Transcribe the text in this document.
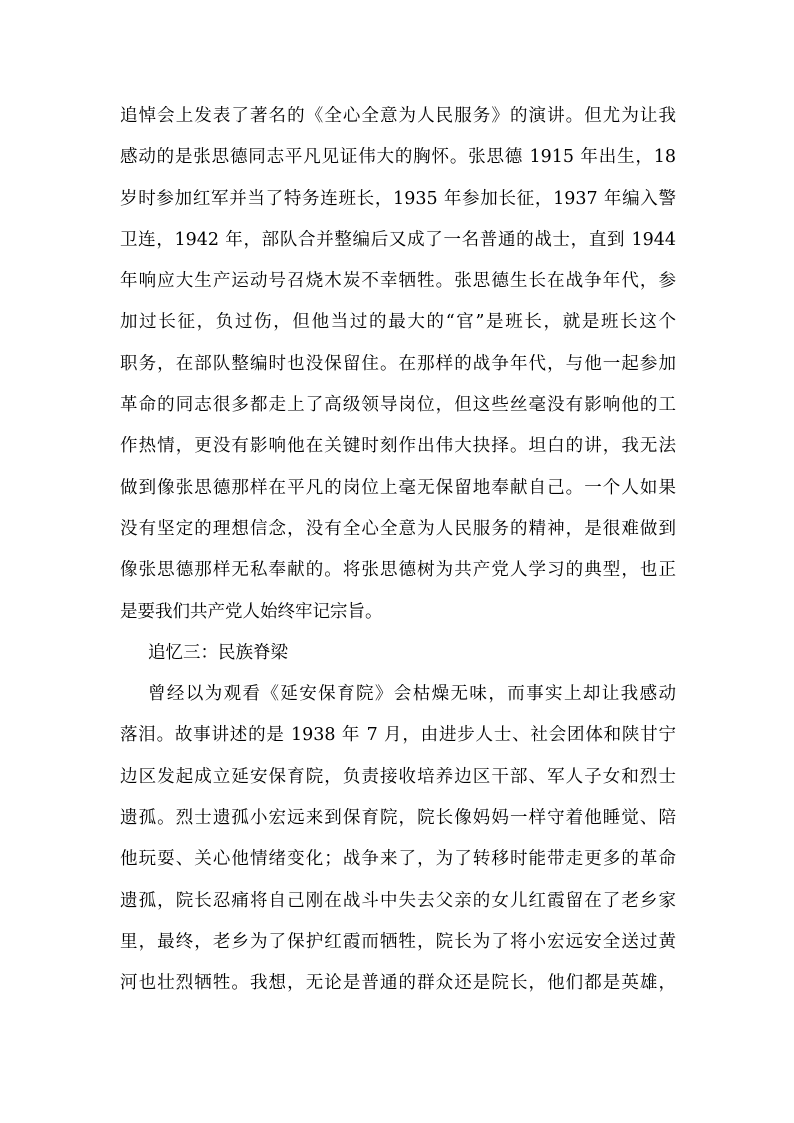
追悼会上发表了著名的《全心全意为人民服务》的演讲。但尤为让我
感动的是张思德同志平凡见证伟大的胸怀。张思德 1915 年出生，18
岁时参加红军并当了特务连班长，1935 年参加长征，1937 年编入警
卫连，1942 年，部队合并整编后又成了一名普通的战士，直到 1944
年响应大生产运动号召烧木炭不幸牺牲。张思德生长在战争年代，参
加过长征，负过伤，但他当过的最大的“官”是班长，就是班长这个
职务，在部队整编时也没保留住。在那样的战争年代，与他一起参加
革命的同志很多都走上了高级领导岗位，但这些丝毫没有影响他的工
作热情，更没有影响他在关键时刻作出伟大抉择。坦白的讲，我无法
做到像张思德那样在平凡的岗位上毫无保留地奉献自己。一个人如果
没有坚定的理想信念，没有全心全意为人民服务的精神，是很难做到
像张思德那样无私奉献的。将张思德树为共产党人学习的典型，也正
是要我们共产党人始终牢记宗旨。
追忆三：民族脊梁
曾经以为观看《延安保育院》会枯燥无味，而事实上却让我感动
落泪。故事讲述的是 1938 年 7 月，由进步人士、社会团体和陕甘宁
边区发起成立延安保育院，负责接收培养边区干部、军人子女和烈士
遗孤。烈士遗孤小宏远来到保育院，院长像妈妈一样守着他睡觉、陪
他玩耍、关心他情绪变化；战争来了，为了转移时能带走更多的革命
遗孤，院长忍痛将自己刚在战斗中失去父亲的女儿红霞留在了老乡家
里，最终，老乡为了保护红霞而牺牲，院长为了将小宏远安全送过黄
河也壮烈牺牲。我想，无论是普通的群众还是院长，他们都是英雄，
